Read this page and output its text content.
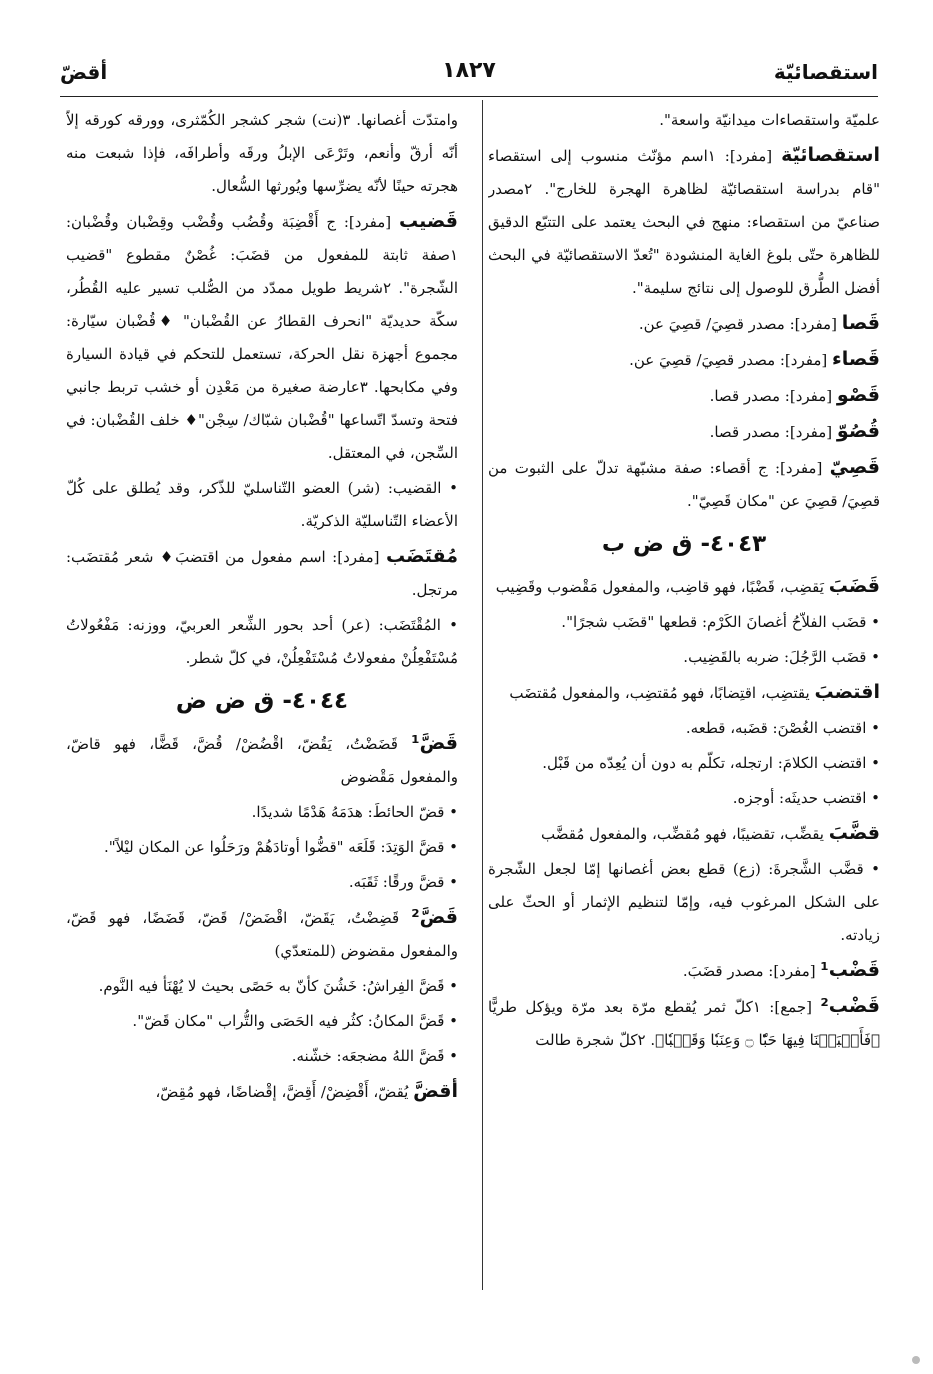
استقصائيّة
١٨٢٧
أقضّ

علميّة واستقصاءات ميدانيّة واسعة".

استقصائيّة [مفرد]: ١اسم مؤنّث منسوب إلى استقصاء "قام بدراسة استقصائيّة لظاهرة الهجرة للخارج". ٢مصدر صناعيّ من استقصاء: منهج في البحث يعتمد على التتبّع الدقيق للظاهرة حتّى بلوغ الغاية المنشودة "تُعدّ الاستقصائيّة في البحث أفضل الطُّرق للوصول إلى نتائج سليمة".

قَصا [مفرد]: مصدر قصِيَ/ قصِيَ عن.

قَصاء [مفرد]: مصدر قصِيَ/ قصِيَ عن.

قَصْو [مفرد]: مصدر قصا.

قُصُوّ [مفرد]: مصدر قصا.

قَصِيّ [مفرد]: ج أقصاء: صفة مشبّهة تدلّ على الثبوت من قصِيَ/ قصِيَ عن "مكان قَصِيّ".

٤٠٤٣- ق ض ب

قَضَبَ يَقضِب، قَضْبًا، فهو قاضِب، والمفعول مَقْضوب وقَضِيب

• قضَب الفلاّحُ أغصانَ الكَرْم: قطعها "قضَب شجرًا".

• قضَب الرَّجُلَ: ضربه بالقَضِيب.

اقتضبَ يقتضِب، اقتِضابًا، فهو مُقتضِب، والمفعول مُقتضَب

• اقتضب الغُصْنَ: قضَبه، قطعه.

• اقتضب الكلامَ: ارتجله، تكلّم به دون أن يُعِدّه من قَبْل.

• اقتضب حديثَه: أوجزه.

قضَّبَ يقضِّب، تقضيبًا، فهو مُقضِّب، والمفعول مُقضَّب

• قضَّب الشَّجرةَ: (زع) قطع بعض أغصانها إمّا لجعل الشّجرة على الشكل المرغوب فيه، وإمّا لتنظيم الإثمار أو الحثّ على زيادته.

قَضْب¹ [مفرد]: مصدر قضَبَ.

قَضْب² [جمع]: ١كلّ ثمر يُقطع مرّة بعد مرّة ويؤكل طريًّا ﴿فَأَنۢبَتۡنَا فِيهَا حَبّٗا ۝ وَعِنَبٗا وَقَضۡبٗا﴾. ٢كلّ شجرة طالت

وامتدّت أغصانها. ٣(نت) شجر كشجر الكُمّثرى، وورقه كورقه إلاّ أنّه أرقّ وأنعم، وتَرْعَى الإبلُ ورقَه وأطرافَه، فإذا شبعت منه هجرته حينًا لأنّه يضرِّسها ويُورثها السُّعال.

قَضيب [مفرد]: ج أَقْضِبَة وقُضُب وقُضْب وقِضْبان وقُضْبان: ١صفة ثابتة للمفعول من قضَبَ: غُصْنٌ مقطوع "قضيب الشّجرة". ٢شريط طويل ممدّد من الصُّلب تسير عليه القُطُر، سكّة حديديّة "انحرف القطارُ عن القُضْبان" ♦قُضْبان سيّارة: مجموع أجهزة نقل الحركة، تستعمل للتحكم في قيادة السيارة وفي مكابحها. ٣عارضة صغيرة من مَعْدِن أو خشب تربط جانبي فتحة وتسدّ اتّساعها "قُضْبان شبّاك/ سِجْن"♦ خلف القُضْبان: في السِّجن، في المعتقل.

• القضيب: (شر) العضو التّناسليّ للذّكر، وقد يُطلق على كُلّ الأعضاء التّناسليّة الذكريّة.

مُقتَضَب [مفرد]: اسم مفعول من اقتضبَ♦ شعر مُقتضَب: مرتجل.

• المُقْتَضَب: (عر) أحد بحور الشِّعر العربيّ، ووزنه: مَفْعُولاتُ مُسْتَفْعِلُنْ مفعولاتُ مُسْتَفْعِلُنْ، في كلّ شطر.

٤٠٤٤- ق ض ض

قَضَّ¹ قَضَضْتُ، يَقُضّ، اقْضُضْ/ قُضَّ، قَضًّا، فهو قاضّ، والمفعول مَقْضوض

• قضّ الحائطَ: هدَمَهُ هَدْمًا شديدًا.

• قضَّ الوَتِدَ: قَلَعَه "قضُّوا أوتادَهُمْ ورَحَلُوا عن المكان ليْلاً".

• قضَّ ورقًا: ثَقَبَه.

قَضَّ² قَضِضْتُ، يَقَضّ، اقْضَضْ/ قَضّ، قَضَضًا، فهو قَضّ، والمفعول مقضوض (للمتعدّي)

• قَضَّ الفِراشُ: خَشُنَ كأنّ به حَصًى بحيث لا يُهْنَأ فيه النَّوم.

• قَضَّ المكانُ: كثُر فيه الحَصَى والتُّراب "مكان قَضّ".

• قَضَّ اللهُ مضجعَه: خشّنه.

أقضَّ يُقضّ، أَقْضِضْ/ أَقِضَّ، إقْضاضًا، فهو مُقِضّ،
